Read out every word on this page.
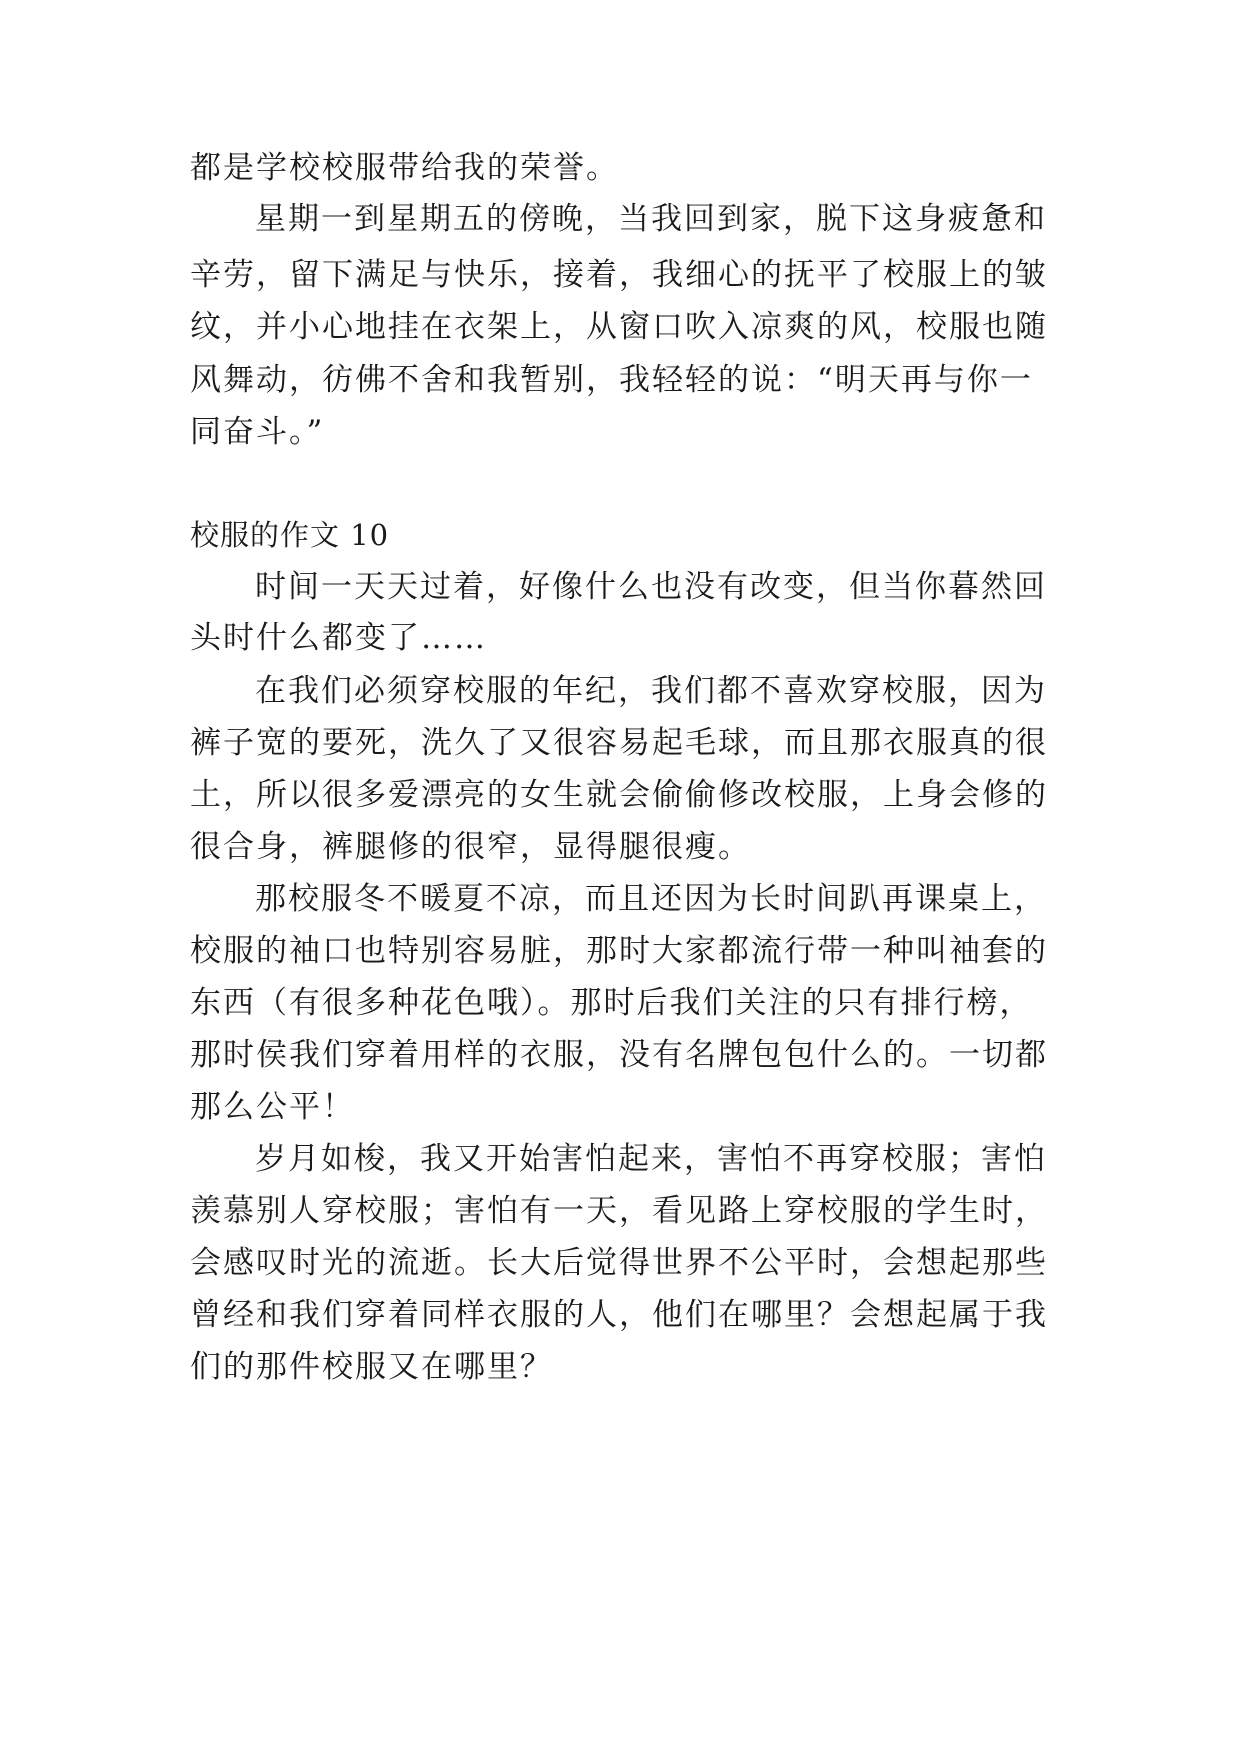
都是学校校服带给我的荣誉。
星期一到星期五的傍晚，当我回到家，脱下这身疲惫和
辛劳，留下满足与快乐，接着，我细心的抚平了校服上的皱
纹，并小心地挂在衣架上，从窗口吹入凉爽的风，校服也随
风舞动，彷佛不舍和我暂别，我轻轻的说：“明天再与你一
同奋斗。”
校服的作文 10
时间一天天过着，好像什么也没有改变，但当你暮然回
头时什么都变了……
在我们必须穿校服的年纪，我们都不喜欢穿校服，因为
裤子宽的要死，洗久了又很容易起毛球，而且那衣服真的很
土，所以很多爱漂亮的女生就会偷偷修改校服，上身会修的
很合身，裤腿修的很窄，显得腿很瘦。
那校服冬不暖夏不凉，而且还因为长时间趴再课桌上，
校服的袖口也特别容易脏，那时大家都流行带一种叫袖套的
东西（有很多种花色哦）。那时后我们关注的只有排行榜，
那时侯我们穿着用样的衣服，没有名牌包包什么的。一切都
那么公平！
岁月如梭，我又开始害怕起来，害怕不再穿校服；害怕
羡慕别人穿校服；害怕有一天，看见路上穿校服的学生时，
会感叹时光的流逝。长大后觉得世界不公平时，会想起那些
曾经和我们穿着同样衣服的人，他们在哪里？会想起属于我
们的那件校服又在哪里？
